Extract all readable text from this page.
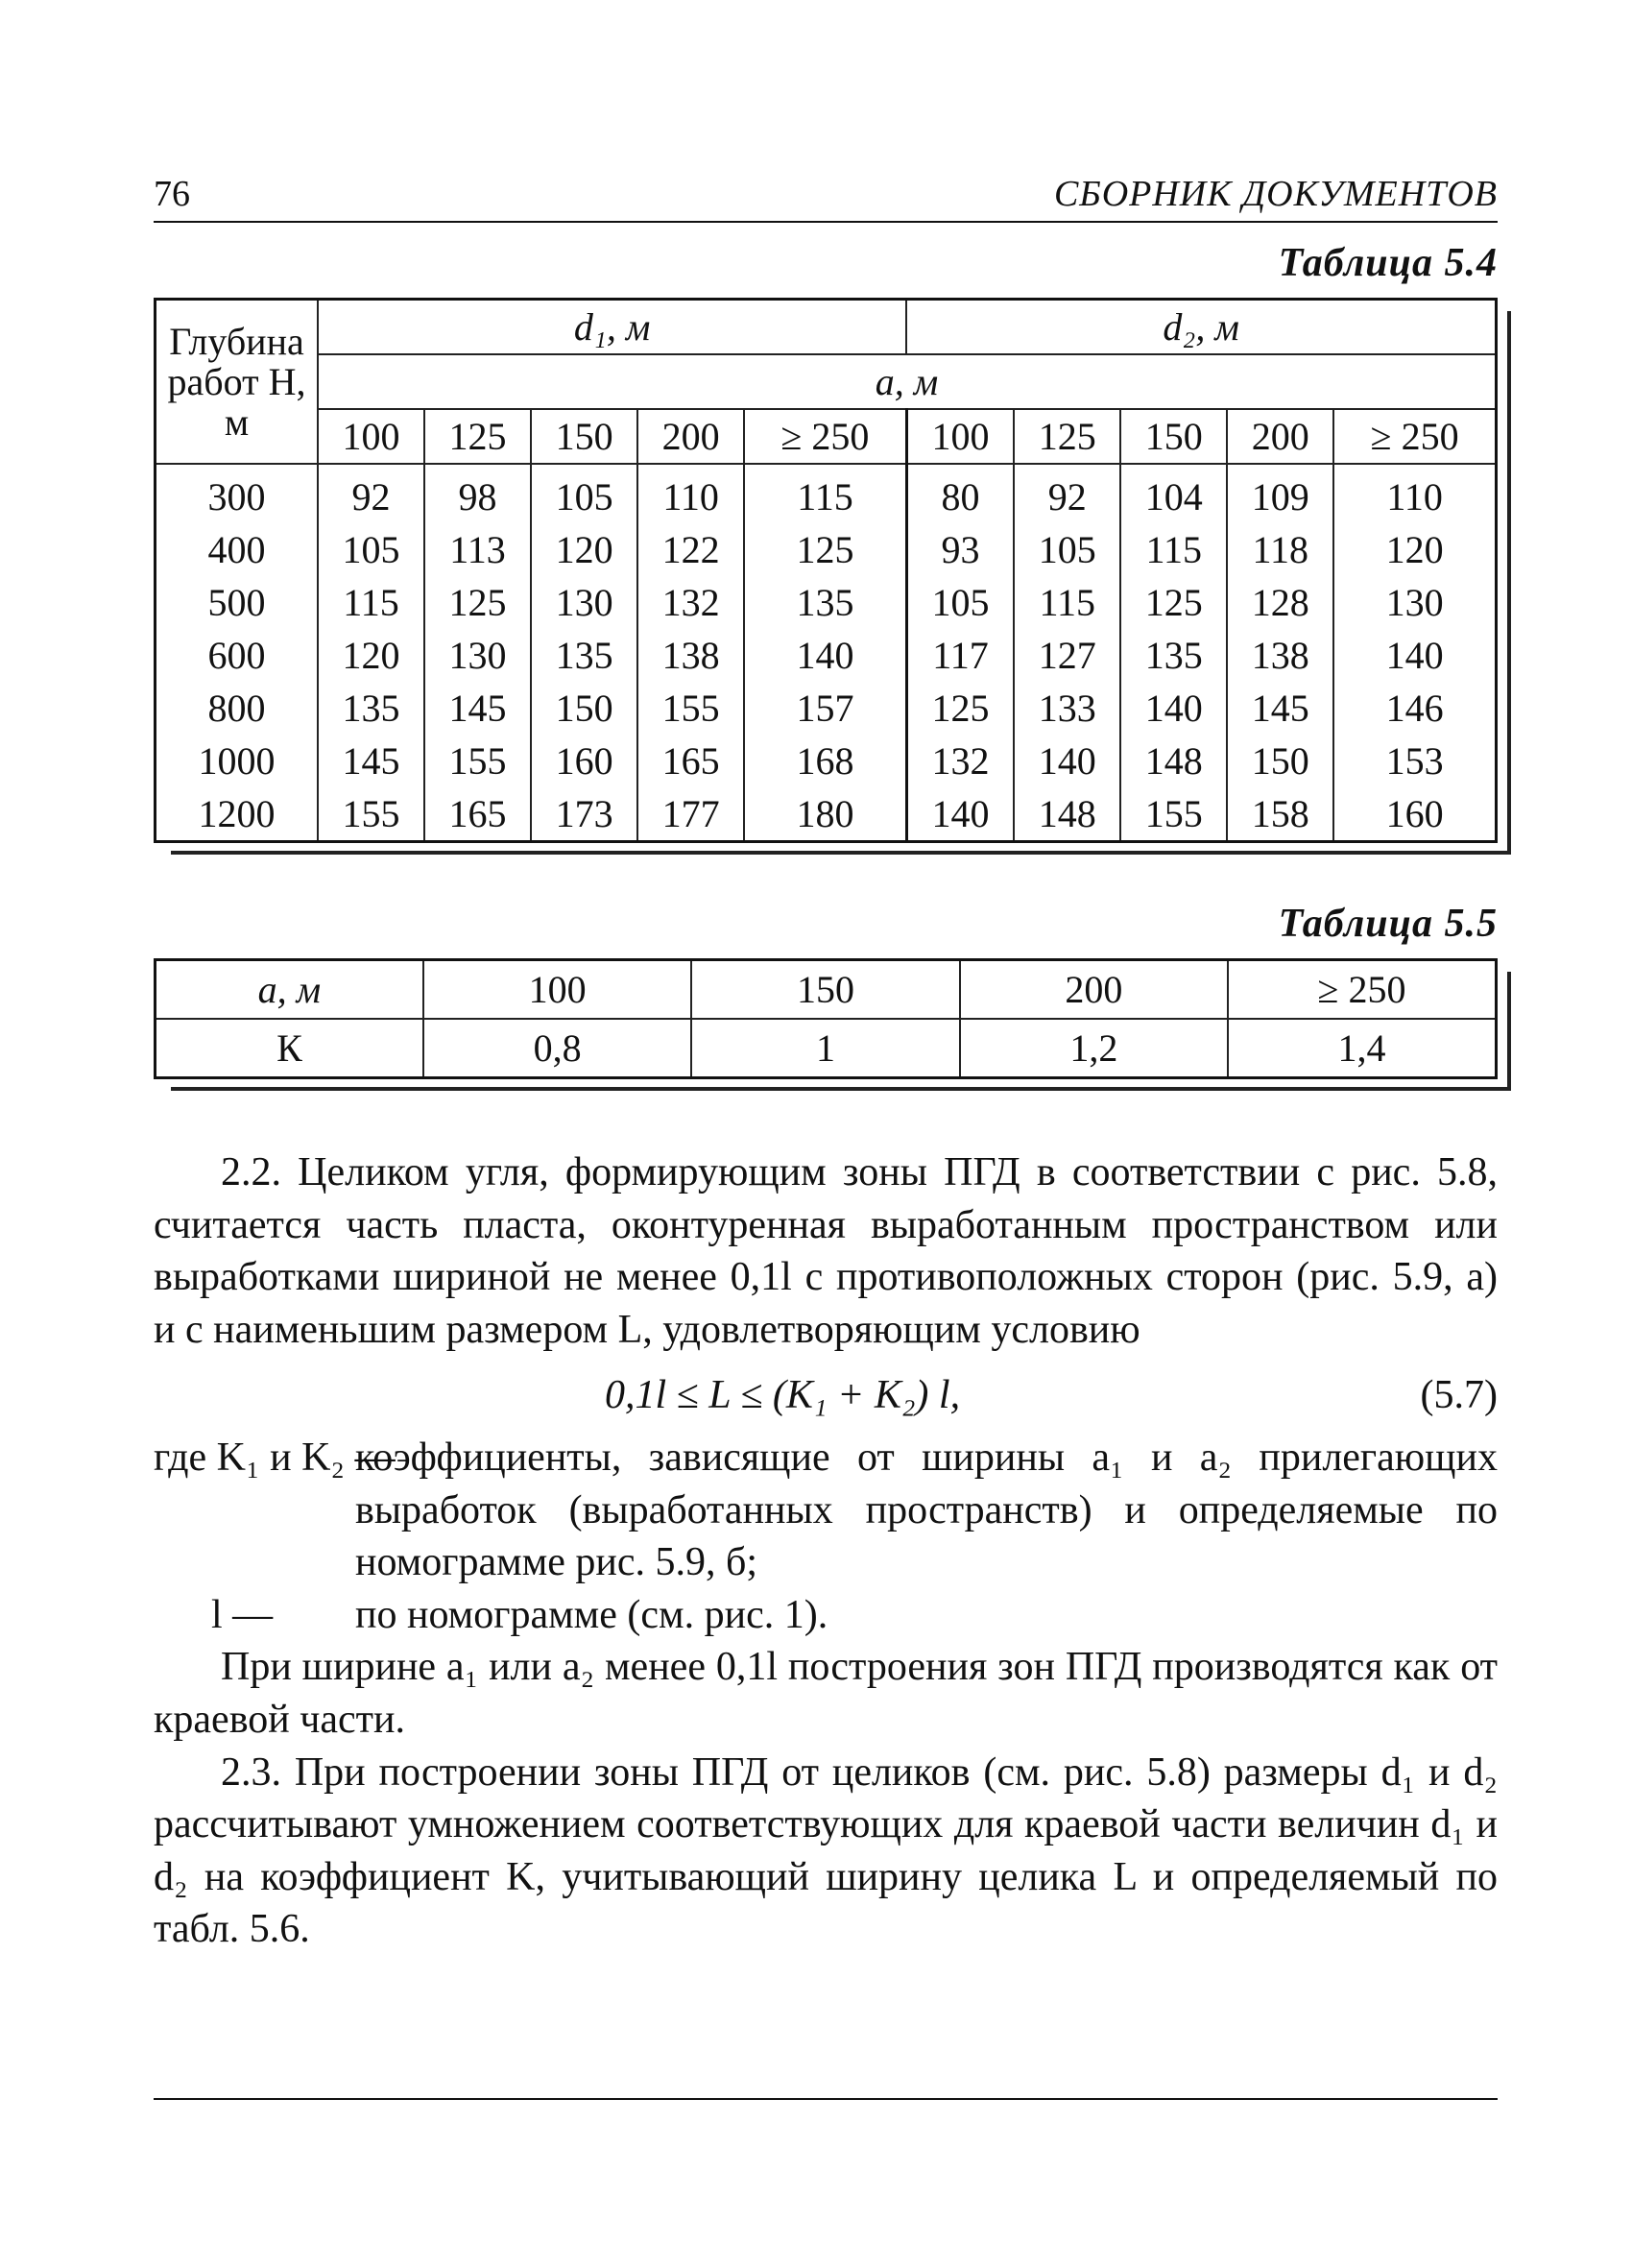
76	СБОРНИК ДОКУМЕНТОВ
Таблица 5.4
Глубина работ H, м	d₁, м					d₂, м				
	a, м									
	100	125	150	200	≥ 250	100	125	150	200	≥ 250
300	92	98	105	110	115	80	92	104	109	110
400	105	113	120	122	125	93	105	115	118	120
500	115	125	130	132	135	105	115	125	128	130
600	120	130	135	138	140	117	127	135	138	140
800	135	145	150	155	157	125	133	140	145	146
1000	145	155	160	165	168	132	140	148	150	153
1200	155	165	173	177	180	140	148	155	158	160
Таблица 5.5
a, м	100	150	200	≥ 250
К	0,8	1	1,2	1,4

2.2. Целиком угля, формирующим зоны ПГД в соответствии с рис. 5.8, считается часть пласта, оконтуренная выработанным пространством или выработками шириной не менее 0,1l с противоположных сторон (рис. 5.9, a) и с наименьшим размером L, удовлетворяющим условию

0,1l ≤ L ≤ (K₁ + K₂) l,	(5.7)
где K₁ и K₂ —
коэффициенты, зависящие от ширины a₁ и a₂ прилегающих выработок (выработанных пространств) и определяемые по номограмме рис. 5.9, б;
l —	по номограмме (см. рис. 1).

При ширине a₁ или a₂ менее 0,1l построения зон ПГД производятся как от краевой части.

2.3. При построении зоны ПГД от целиков (см. рис. 5.8) размеры d₁ и d₂ рассчитывают умножением соответствующих для краевой части величин d₁ и d₂ на коэффициент K, учитывающий ширину целика L и определяемый по табл. 5.6.
